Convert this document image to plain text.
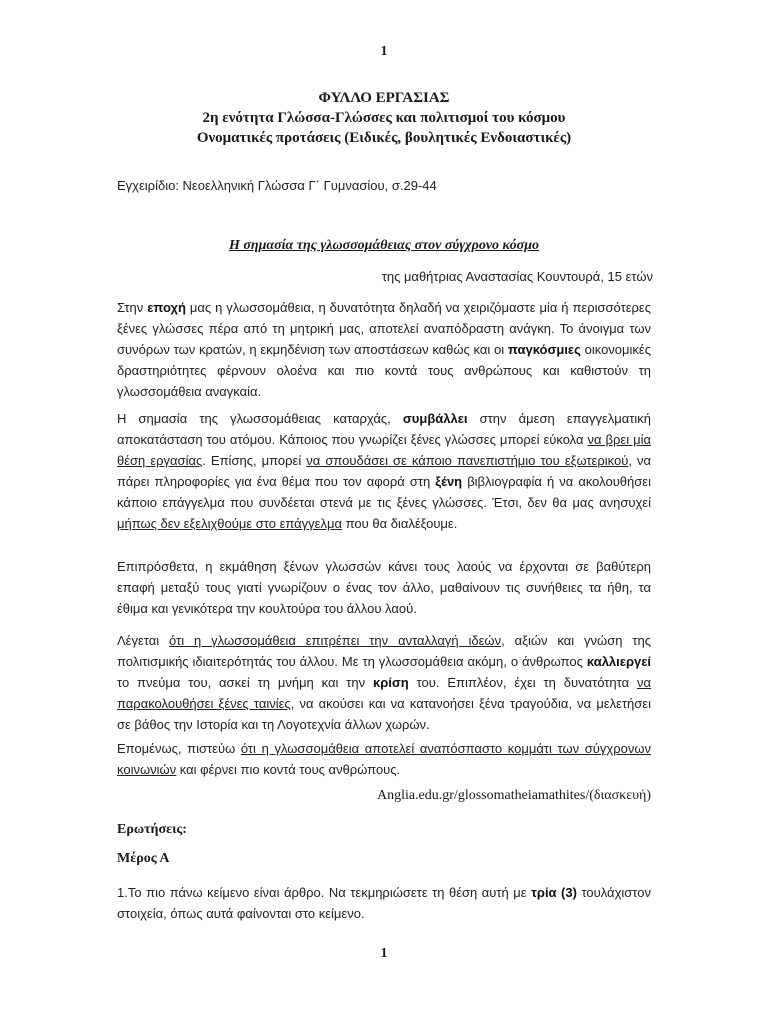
1
ΦΥΛΛΟ ΕΡΓΑΣΙΑΣ
2η ενότητα Γλώσσα-Γλώσσες και πολιτισμοί του κόσμου
Ονοματικές προτάσεις (Ειδικές, βουλητικές Ενδοιαστικές)
Εγχειρίδιο: Νεοελληνική Γλώσσα Γ΄ Γυμνασίου, σ.29-44
Η σημασία της γλωσσομάθειας στον σύγχρονο κόσμο
της μαθήτριας Αναστασίας Κουντουρά, 15 ετών
Στην εποχή μας η γλωσσομάθεια, η δυνατότητα δηλαδή να χειριζόμαστε μία ή περισσότερες ξένες γλώσσες πέρα από τη μητρική μας, αποτελεί αναπόδραστη ανάγκη. Το άνοιγμα των συνόρων των κρατών, η εκμηδένιση των αποστάσεων καθώς και οι παγκόσμιες οικονομικές δραστηριότητες φέρνουν ολοένα και πιο κοντά τους ανθρώπους και καθιστούν τη γλωσσομάθεια αναγκαία.
Η σημασία της γλωσσομάθειας καταρχάς, συμβάλλει στην άμεση επαγγελματική αποκατάσταση του ατόμου. Κάποιος που γνωρίζει ξένες γλώσσες μπορεί εύκολα να βρει μία θέση εργασίας. Επίσης, μπορεί να σπουδάσει σε κάποιο πανεπιστήμιο του εξωτερικού, να πάρει πληροφορίες για ένα θέμα που τον αφορά στη ξένη βιβλιογραφία ή να ακολουθήσει κάποιο επάγγελμα που συνδέεται στενά με τις ξένες γλώσσες. Έτσι, δεν θα μας ανησυχεί μήπως δεν εξελιχθούμε στο επάγγελμα που θα διαλέξουμε.
Επιπρόσθετα, η εκμάθηση ξένων γλωσσών κάνει τους λαούς να έρχονται σε βαθύτερη επαφή μεταξύ τους γιατί γνωρίζουν ο ένας τον άλλο, μαθαίνουν τις συνήθειες τα ήθη, τα έθιμα και γενικότερα την κουλτούρα του άλλου λαού.
Λέγεται ότι η γλωσσομάθεια επιτρέπει την ανταλλαγή ιδεών, αξιών και γνώση της πολιτισμικής ιδιαιτερότητάς του άλλου. Με τη γλωσσομάθεια ακόμη, ο άνθρωπος καλλιεργεί το πνεύμα του, ασκεί τη μνήμη και την κρίση του. Επιπλέον, έχει τη δυνατότητα να παρακολουθήσει ξένες ταινίες, να ακούσει και να κατανοήσει ξένα τραγούδια, να μελετήσει σε βάθος την Ιστορία και τη Λογοτεχνία άλλων χωρών.
Επομένως, πιστεύω ότι η γλωσσομάθεια αποτελεί αναπόσπαστο κομμάτι των σύγχρονων κοινωνιών και φέρνει πιο κοντά τους ανθρώπους.
Anglia.edu.gr/glossomatheiamathites/(διασκευή)
Ερωτήσεις:
Μέρος Α
1.Το πιο πάνω κείμενο είναι άρθρο. Να τεκμηριώσετε τη θέση αυτή με τρία (3) τουλάχιστον στοιχεία, όπως αυτά φαίνονται στο κείμενο.
1
